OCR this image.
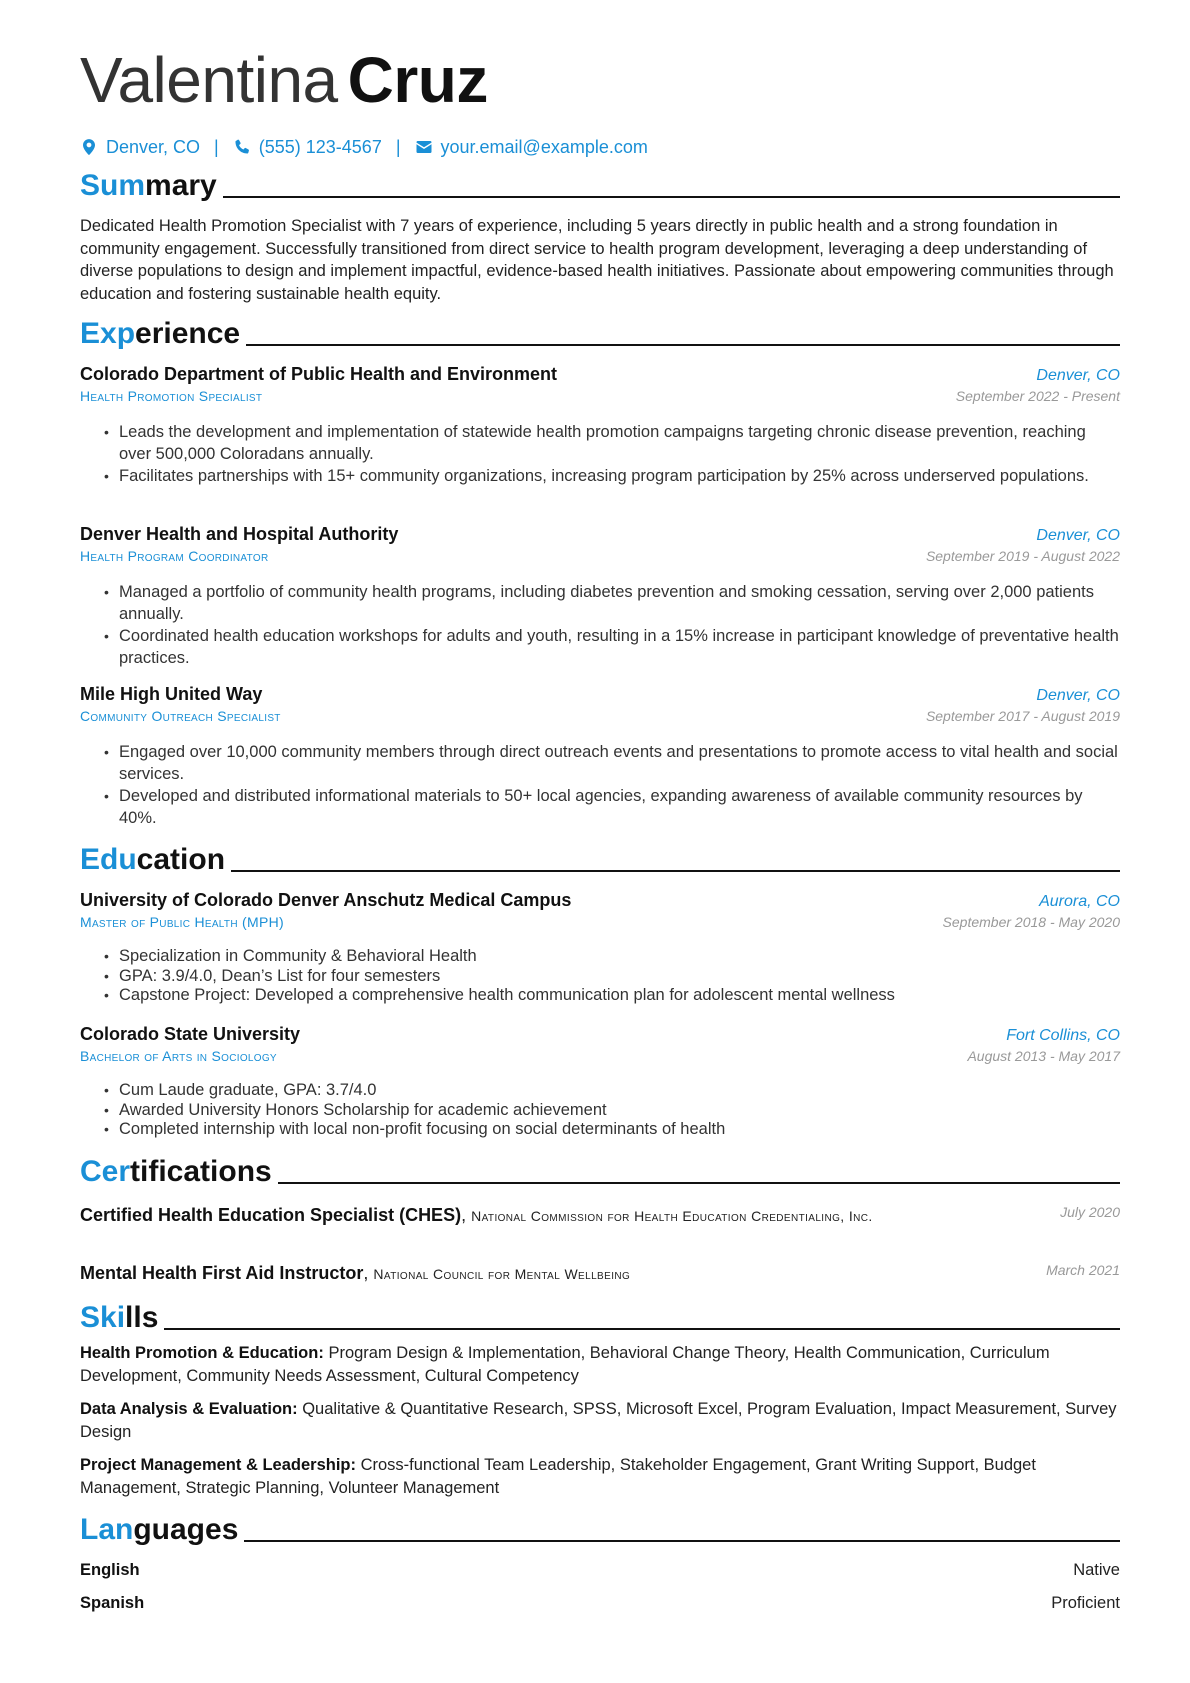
Valentina Cruz
Denver, CO | (555) 123-4567 | your.email@example.com
Summary
Dedicated Health Promotion Specialist with 7 years of experience, including 5 years directly in public health and a strong foundation in community engagement. Successfully transitioned from direct service to health program development, leveraging a deep understanding of diverse populations to design and implement impactful, evidence-based health initiatives. Passionate about empowering communities through education and fostering sustainable health equity.
Experience
Colorado Department of Public Health and Environment	Denver, CO
Health Promotion Specialist	September 2022 - Present
• Leads the development and implementation of statewide health promotion campaigns targeting chronic disease prevention, reaching over 500,000 Coloradans annually.
• Facilitates partnerships with 15+ community organizations, increasing program participation by 25% across underserved populations.
Denver Health and Hospital Authority	Denver, CO
Health Program Coordinator	September 2019 - August 2022
• Managed a portfolio of community health programs, including diabetes prevention and smoking cessation, serving over 2,000 patients annually.
• Coordinated health education workshops for adults and youth, resulting in a 15% increase in participant knowledge of preventative health practices.
Mile High United Way	Denver, CO
Community Outreach Specialist	September 2017 - August 2019
• Engaged over 10,000 community members through direct outreach events and presentations to promote access to vital health and social services.
• Developed and distributed informational materials to 50+ local agencies, expanding awareness of available community resources by 40%.
Education
University of Colorado Denver Anschutz Medical Campus	Aurora, CO
Master of Public Health (MPH)	September 2018 - May 2020
• Specialization in Community & Behavioral Health
• GPA: 3.9/4.0, Dean’s List for four semesters
• Capstone Project: Developed a comprehensive health communication plan for adolescent mental wellness
Colorado State University	Fort Collins, CO
Bachelor of Arts in Sociology	August 2013 - May 2017
• Cum Laude graduate, GPA: 3.7/4.0
• Awarded University Honors Scholarship for academic achievement
• Completed internship with local non-profit focusing on social determinants of health
Certifications
Certified Health Education Specialist (CHES), National Commission for Health Education Credentialing, Inc.	July 2020
Mental Health First Aid Instructor, National Council for Mental Wellbeing	March 2021
Skills
Health Promotion & Education: Program Design & Implementation, Behavioral Change Theory, Health Communication, Curriculum Development, Community Needs Assessment, Cultural Competency
Data Analysis & Evaluation: Qualitative & Quantitative Research, SPSS, Microsoft Excel, Program Evaluation, Impact Measurement, Survey Design
Project Management & Leadership: Cross-functional Team Leadership, Stakeholder Engagement, Grant Writing Support, Budget Management, Strategic Planning, Volunteer Management
Languages
English	Native
Spanish	Proficient
